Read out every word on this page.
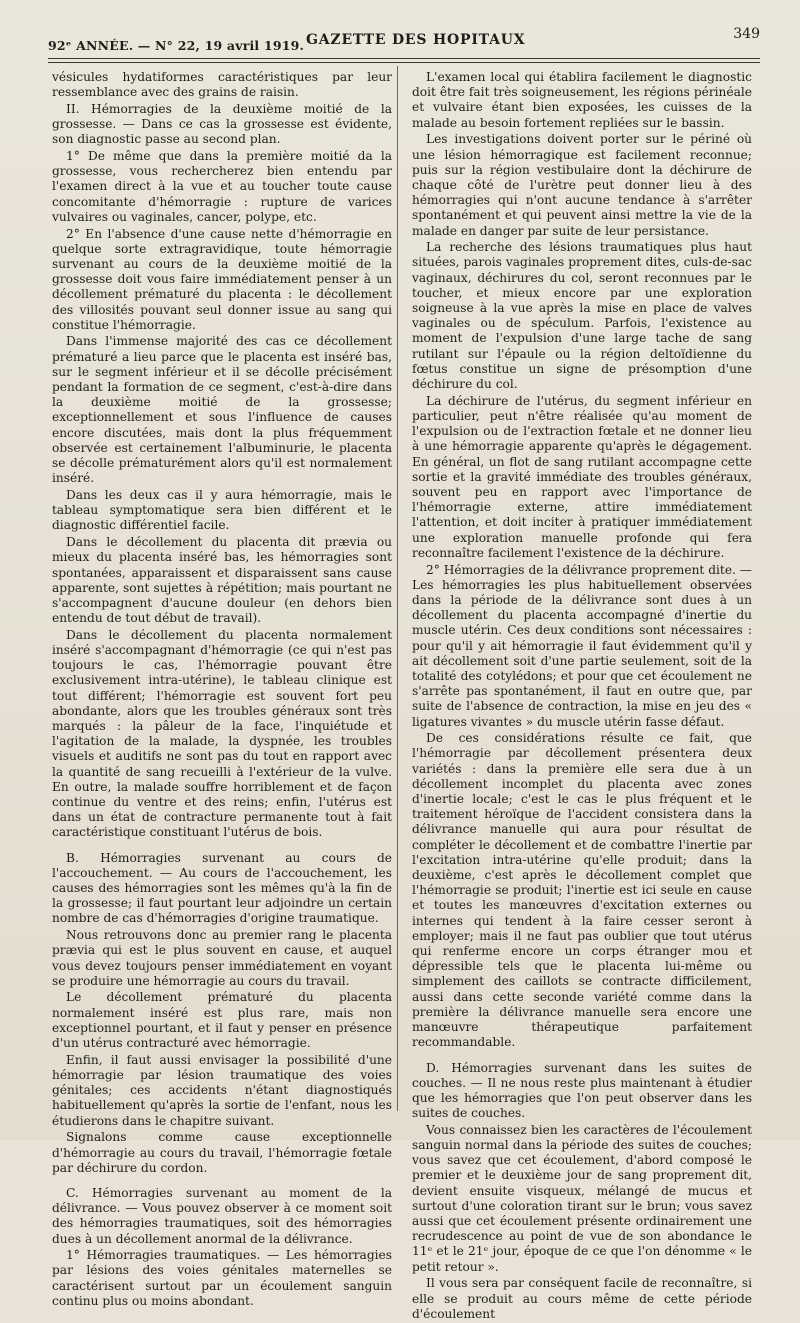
92ᵉ ANNÉE. — N° 22, 19 avril 1919. GAZETTE DES HOPITAUX	349

vésicules hydatiformes caractéristiques par leur ressemblance avec des grains de raisin.

II. Hémorragies de la deuxième moitié de la grossesse. — Dans ce cas la grossesse est évidente, son diagnostic passe au second plan.

1° De même que dans la première moitié da la grossesse, vous rechercherez bien entendu par l'examen direct à la vue et au toucher toute cause concomitante d'hémorragie : rupture de varices vulvaires ou vaginales, cancer, polype, etc.

2° En l'absence d'une cause nette d'hémorragie en quelque sorte extragravidique, toute hémorragie survenant au cours de la deuxième moitié de la grossesse doit vous faire immédiatement penser à un décollement prématuré du placenta : le décollement des villosités pouvant seul donner issue au sang qui constitue l'hémorragie.

Dans l'immense majorité des cas ce décollement prématuré a lieu parce que le placenta est inséré bas, sur le segment inférieur et il se décolle précisément pendant la formation de ce segment, c'est-à-dire dans la deuxième moitié de la grossesse; exceptionnellement et sous l'influence de causes encore discutées, mais dont la plus fréquemment observée est certainement l'albuminurie, le placenta se décolle prématurément alors qu'il est normalement inséré.

Dans les deux cas il y aura hémorragie, mais le tableau symptomatique sera bien différent et le diagnostic différentiel facile.

Dans le décollement du placenta dit prævia ou mieux du placenta inséré bas, les hémorragies sont spontanées, apparaissent et disparaissent sans cause apparente, sont sujettes à répétition; mais pourtant ne s'accompagnent d'aucune douleur (en dehors bien entendu de tout début de travail).

Dans le décollement du placenta normalement inséré s'accompagnant d'hémorragie (ce qui n'est pas toujours le cas, l'hémorragie pouvant être exclusivement intra-utérine), le tableau clinique est tout différent; l'hémorragie est souvent fort peu abondante, alors que les troubles généraux sont très marqués : la pâleur de la face, l'inquiétude et l'agitation de la malade, la dyspnée, les troubles visuels et auditifs ne sont pas du tout en rapport avec la quantité de sang recueilli à l'extérieur de la vulve. En outre, la malade souffre horriblement et de façon continue du ventre et des reins; enfin, l'utérus est dans un état de contracture permanente tout à fait caractéristique constituant l'utérus de bois.

B. Hémorragies survenant au cours de l'accouchement. — Au cours de l'accouchement, les causes des hémorragies sont les mêmes qu'à la fin de la grossesse; il faut pourtant leur adjoindre un certain nombre de cas d'hémorragies d'origine traumatique.

Nous retrouvons donc au premier rang le placenta prævia qui est le plus souvent en cause, et auquel vous devez toujours penser immédiatement en voyant se produire une hémorragie au cours du travail.

Le décollement prématuré du placenta normalement inséré est plus rare, mais non exceptionnel pourtant, et il faut y penser en présence d'un utérus contracturé avec hémorragie.

Enfin, il faut aussi envisager la possibilité d'une hémorragie par lésion traumatique des voies génitales; ces accidents n'étant diagnostiqués habituellement qu'après la sortie de l'enfant, nous les étudierons dans le chapitre suivant.

Signalons comme cause exceptionnelle d'hémorragie au cours du travail, l'hémorragie fœtale par déchirure du cordon.

C. Hémorragies survenant au moment de la délivrance. — Vous pouvez observer à ce moment soit des hémorragies traumatiques, soit des hémorragies dues à un décollement anormal de la délivrance.

1° Hémorragies traumatiques. — Les hémorragies par lésions des voies génitales maternelles se caractérisent surtout par un écoulement sanguin continu plus ou moins abondant.

L'examen local qui établira facilement le diagnostic doit être fait très soigneusement, les régions périnéale et vulvaire étant bien exposées, les cuisses de la malade au besoin fortement repliées sur le bassin.

Les investigations doivent porter sur le périné où une lésion hémorragique est facilement reconnue; puis sur la région vestibulaire dont la déchirure de chaque côté de l'urètre peut donner lieu à des hémorragies qui n'ont aucune tendance à s'arrêter spontanément et qui peuvent ainsi mettre la vie de la malade en danger par suite de leur persistance.

La recherche des lésions traumatiques plus haut situées, parois vaginales proprement dites, culs-de-sac vaginaux, déchirures du col, seront reconnues par le toucher, et mieux encore par une exploration soigneuse à la vue après la mise en place de valves vaginales ou de spéculum. Parfois, l'existence au moment de l'expulsion d'une large tache de sang rutilant sur l'épaule ou la région deltoïdienne du fœtus constitue un signe de présomption d'une déchirure du col.

La déchirure de l'utérus, du segment inférieur en particulier, peut n'être réalisée qu'au moment de l'expulsion ou de l'extraction fœtale et ne donner lieu à une hémorragie apparente qu'après le dégagement. En général, un flot de sang rutilant accompagne cette sortie et la gravité immédiate des troubles généraux, souvent peu en rapport avec l'importance de l'hémorragie externe, attire immédiatement l'attention, et doit inciter à pratiquer immédiatement une exploration manuelle profonde qui fera reconnaître facilement l'existence de la déchirure.

2° Hémorragies de la délivrance proprement dite. — Les hémorragies les plus habituellement observées dans la période de la délivrance sont dues à un décollement du placenta accompagné d'inertie du muscle utérin. Ces deux conditions sont nécessaires : pour qu'il y ait hémorragie il faut évidemment qu'il y ait décollement soit d'une partie seulement, soit de la totalité des cotylédons; et pour que cet écoulement ne s'arrête pas spontanément, il faut en outre que, par suite de l'absence de contraction, la mise en jeu des « ligatures vivantes » du muscle utérin fasse défaut.

De ces considérations résulte ce fait, que l'hémorragie par décollement présentera deux variétés : dans la première elle sera due à un décollement incomplet du placenta avec zones d'inertie locale; c'est le cas le plus fréquent et le traitement héroïque de l'accident consistera dans la délivrance manuelle qui aura pour résultat de compléter le décollement et de combattre l'inertie par l'excitation intra-utérine qu'elle produit; dans la deuxième, c'est après le décollement complet que l'hémorragie se produit; l'inertie est ici seule en cause et toutes les manœuvres d'excitation externes ou internes qui tendent à la faire cesser seront à employer; mais il ne faut pas oublier que tout utérus qui renferme encore un corps étranger mou et dépressible tels que le placenta lui-même ou simplement des caillots se contracte difficilement, aussi dans cette seconde variété comme dans la première la délivrance manuelle sera encore une manœuvre thérapeutique parfaitement recommandable.

D. Hémorragies survenant dans les suites de couches. — Il ne nous reste plus maintenant à étudier que les hémorragies que l'on peut observer dans les suites de couches.

Vous connaissez bien les caractères de l'écoulement sanguin normal dans la période des suites de couches; vous savez que cet écoulement, d'abord composé le premier et le deuxième jour de sang proprement dit, devient ensuite visqueux, mélangé de mucus et surtout d'une coloration tirant sur le brun; vous savez aussi que cet écoulement présente ordinairement une recrudescence au point de vue de son abondance le 11ᵉ et le 21ᵉ jour, époque de ce que l'on dénomme « le petit retour ».

Il vous sera par conséquent facile de reconnaître, si elle se produit au cours même de cette période d'écoulement
